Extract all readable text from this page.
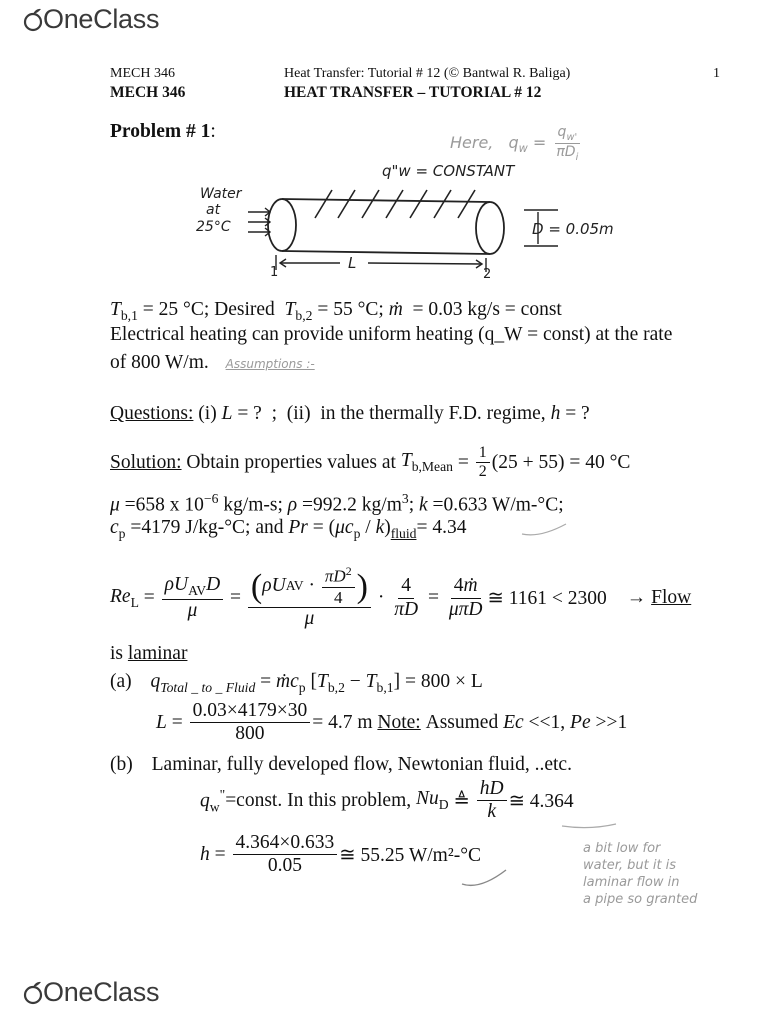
OneClass
MECH 346	Heat Transfer: Tutorial # 12 (© Bantwal R. Baliga)	1
MECH 346	HEAT TRANSFER – TUTORIAL # 12
Problem # 1:
Here, $q_w = \frac{q_{w'}}{\pi D_i}$
q"w = CONSTANT
Water
at
25°C
L
1	2
D = 0.05m
$T_{b,1} = 25$ °C; Desired  $T_{b,2} = 55$ °C; ṁ  = 0.03 kg/s = const
Electrical heating can provide uniform heating (q_W = const) at the rate
of 800 W/m. Assumptions :-
Questions: (i) L = ?  ;  (ii)  in the thermally F.D. regime, h = ?
Solution:
Obtain properties values at
$T_{b,Mean} = \frac{1}{2} (25 + 55) = 40$ °C
μ =658 x $10^{-6}$ kg/m-s; ρ =992.2 $kg/m^3$; k =0.633 W/m-°C;
$c_p =4179$ J/kg-°C; and $Pr = (\mu c_p / k)_{fluid}= 4.34$
$Re_L = \frac{\rho U_{AV}D}{\mu} = \frac{( \rho U AV \cdot \frac{\pi D^2}{4} )}{\mu} \cdot \frac{4}{\pi D} = \frac{\text{4ṁ}}{\text{μπD}}$ ≅ 1161 < 2300 →
Flow
is laminar
(a) $q_{Total \_ to \_ Fluid}$ = ṁc$_p$ $[T_{b,2} - T_{b,1}] = 800 \times L$
$L = \frac{0.03\times 4179\times 30}{800} = 4.7$ m
Note:
Assumed Ec <<1, Pe >>1
(b) Laminar, fully developed flow, Newtonian fluid, ..etc.
$q_w^"$ =const. In this problem,
$Nu_D$ ≜ $\frac{hD}{k}$ ≅ 4.364
$h = \frac{4.364\times 0.633}{0.05}$ ≅ 55.25 W/m²-°C	a bit low for
water, but it is
laminar flow in
a pipe so granted
OneClass
